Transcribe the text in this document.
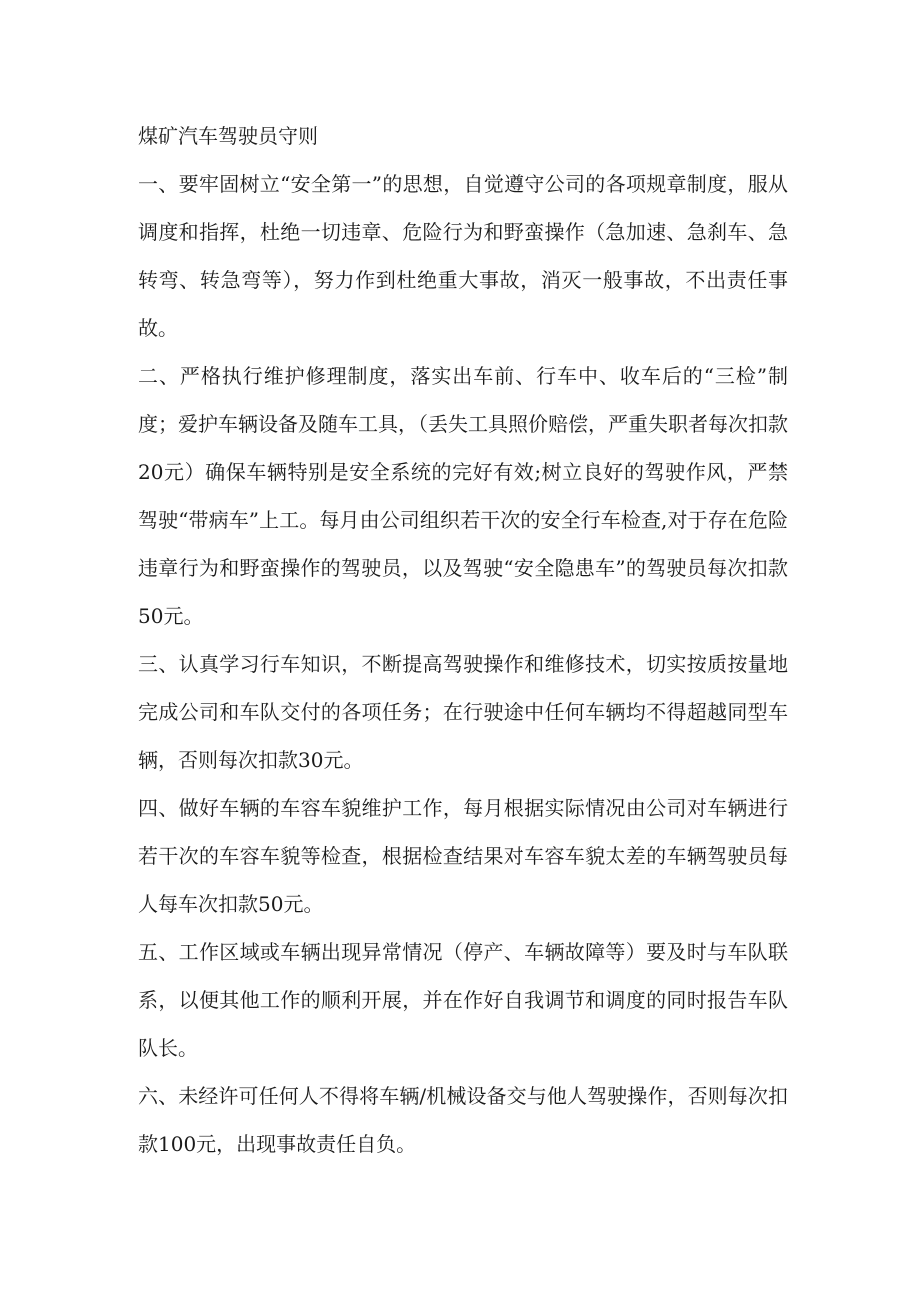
煤矿汽车驾驶员守则

一、要牢固树立“安全第一”的思想，自觉遵守公司的各项规章制度，服从调度和指挥，杜绝一切违章、危险行为和野蛮操作（急加速、急刹车、急转弯、转急弯等），努力作到杜绝重大事故，消灭一般事故，不出责任事故。

二、严格执行维护修理制度，落实出车前、行车中、收车后的“三检”制度；爱护车辆设备及随车工具，（丢失工具照价赔偿，严重失职者每次扣款20元）确保车辆特别是安全系统的完好有效;树立良好的驾驶作风，严禁驾驶“带病车”上工。每月由公司组织若干次的安全行车检查,对于存在危险违章行为和野蛮操作的驾驶员，以及驾驶“安全隐患车”的驾驶员每次扣款50元。

三、认真学习行车知识，不断提高驾驶操作和维修技术，切实按质按量地完成公司和车队交付的各项任务；在行驶途中任何车辆均不得超越同型车辆，否则每次扣款30元。

四、做好车辆的车容车貌维护工作，每月根据实际情况由公司对车辆进行若干次的车容车貌等检查，根据检查结果对车容车貌太差的车辆驾驶员每人每车次扣款50元。

五、工作区域或车辆出现异常情况（停产、车辆故障等）要及时与车队联系，以便其他工作的顺利开展，并在作好自我调节和调度的同时报告车队队长。

六、未经许可任何人不得将车辆/机械设备交与他人驾驶操作，否则每次扣款100元，出现事故责任自负。
